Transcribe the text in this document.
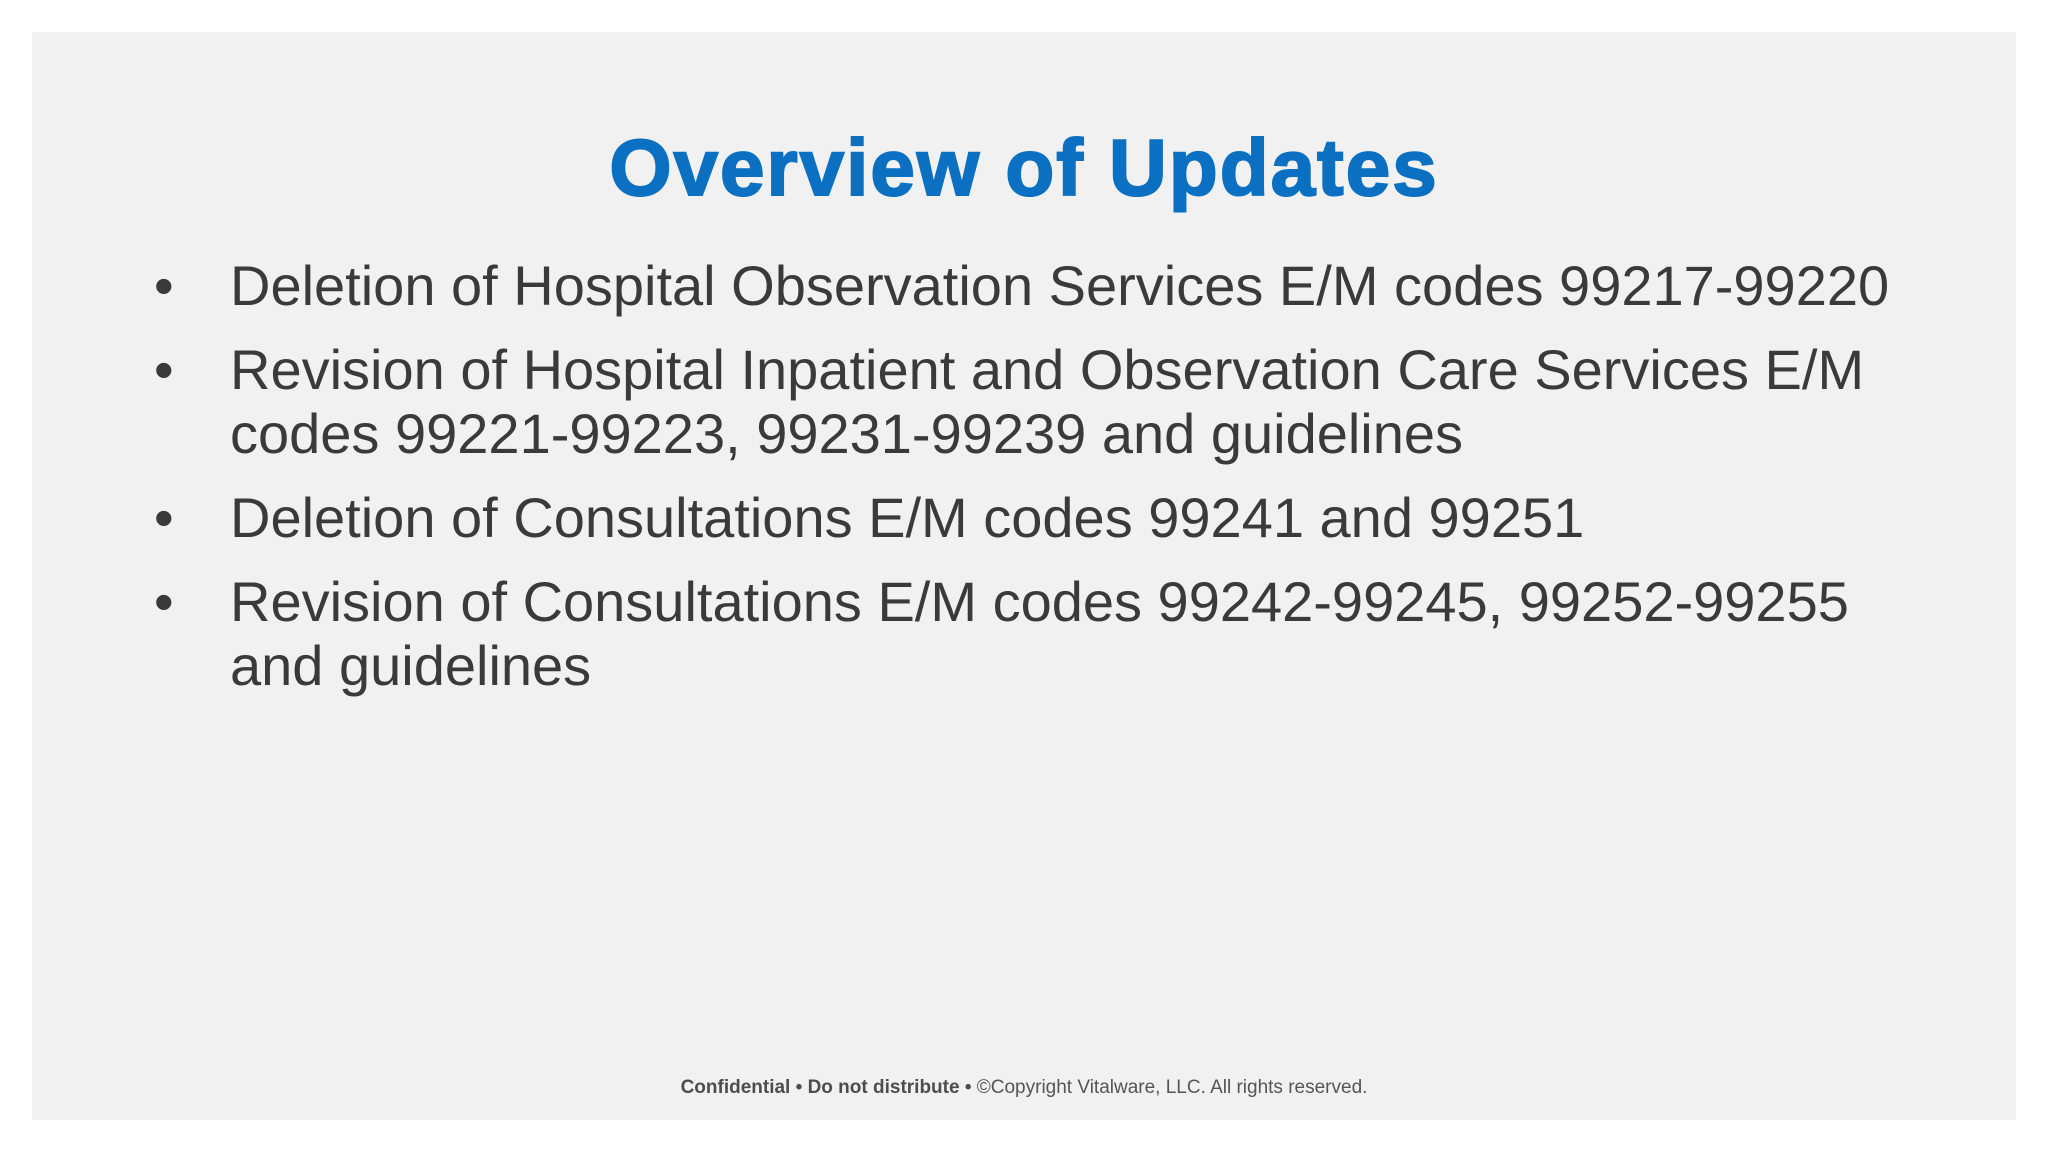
Overview of Updates
•	Deletion of Hospital Observation Services E/M codes 99217-99220
•	Revision of Hospital Inpatient and Observation Care Services E/M codes 99221-99223, 99231-99239 and guidelines
•	Deletion of Consultations E/M codes 99241 and 99251
•	Revision of Consultations E/M codes 99242-99245, 99252-99255 and guidelines
Confidential • Do not distribute • ©Copyright Vitalware, LLC. All rights reserved.
